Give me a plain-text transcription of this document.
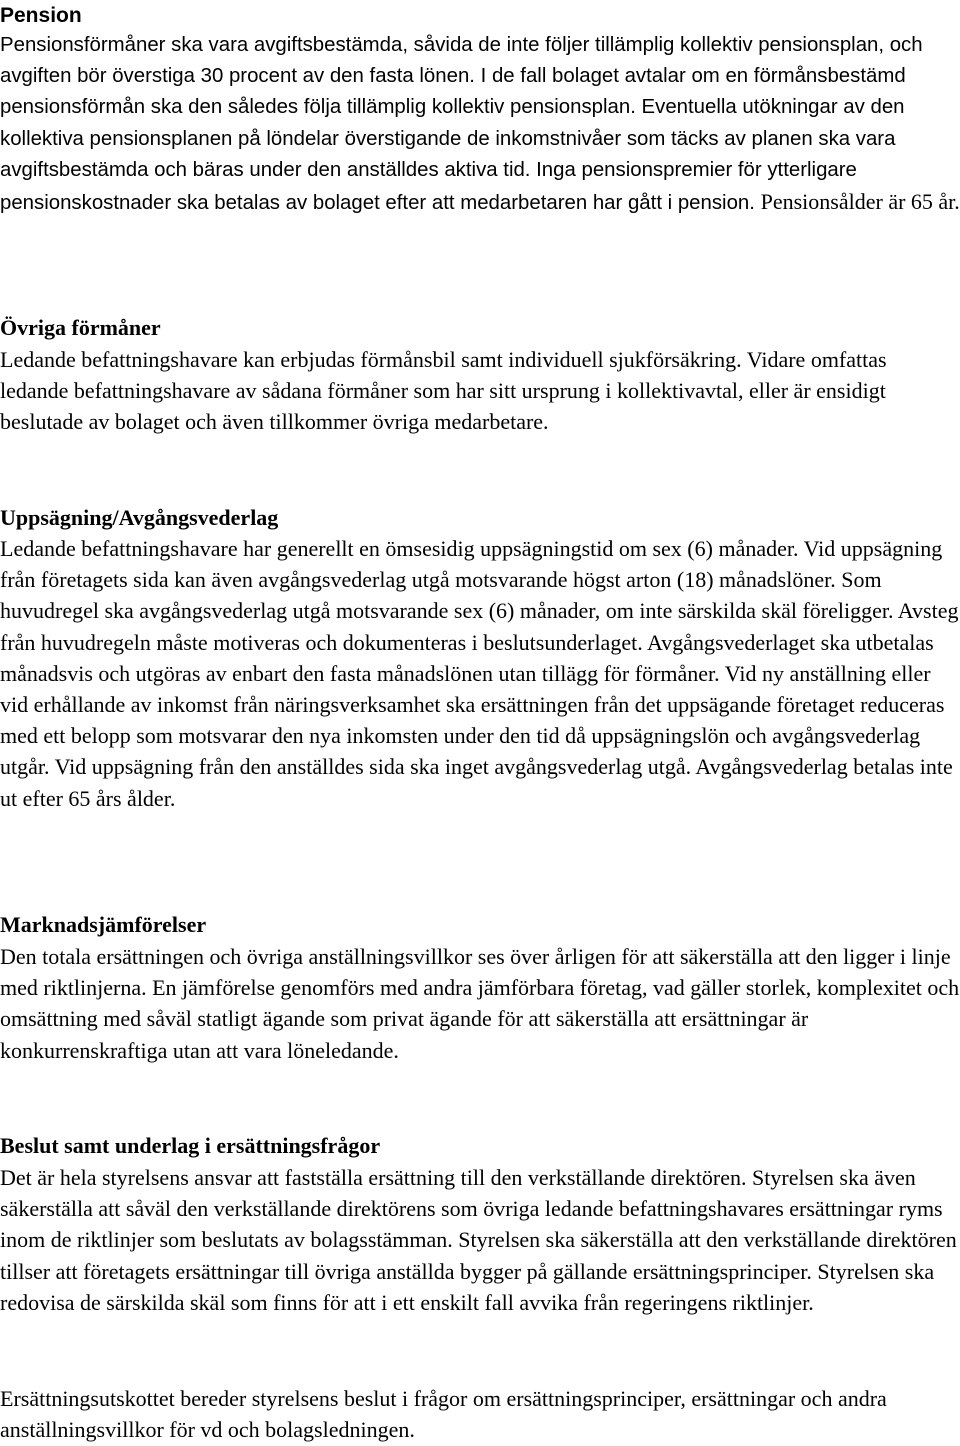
Pension

Pensionsförmåner ska vara avgiftsbestämda, såvida de inte följer tillämplig kollektiv pensionsplan, och avgiften bör överstiga 30 procent av den fasta lönen. I de fall bolaget avtalar om en förmånsbestämd pensionsförmån ska den således följa tillämplig kollektiv pensionsplan. Eventuella utökningar av den kollektiva pensionsplanen på löndelar överstigande de inkomstnivåer som täcks av planen ska vara avgiftsbestämda och bäras under den anställdes aktiva tid. Inga pensionspremier för ytterligare pensionskostnader ska betalas av bolaget efter att medarbetaren har gått i pension. Pensionsålder är 65 år.

Övriga förmåner

Ledande befattningshavare kan erbjudas förmånsbil samt individuell sjukförsäkring. Vidare omfattas ledande befattningshavare av sådana förmåner som har sitt ursprung i kollektivavtal, eller är ensidigt beslutade av bolaget och även tillkommer övriga medarbetare.

Uppsägning/Avgångsvederlag

Ledande befattningshavare har generellt en ömsesidig uppsägningstid om sex (6) månader. Vid uppsägning från företagets sida kan även avgångsvederlag utgå motsvarande högst arton (18) månadslöner. Som huvudregel ska avgångsvederlag utgå motsvarande sex (6) månader, om inte särskilda skäl föreligger. Avsteg från huvudregeln måste motiveras och dokumenteras i beslutsunderlaget. Avgångsvederlaget ska utbetalas månadsvis och utgöras av enbart den fasta månadslönen utan tillägg för förmåner. Vid ny anställning eller vid erhållande av inkomst från näringsverksamhet ska ersättningen från det uppsägande företaget reduceras med ett belopp som motsvarar den nya inkomsten under den tid då uppsägningslön och avgångsvederlag utgår. Vid uppsägning från den anställdes sida ska inget avgångsvederlag utgå. Avgångsvederlag betalas inte ut efter 65 års ålder.

Marknadsjämförelser

Den totala ersättningen och övriga anställningsvillkor ses över årligen för att säkerställa att den ligger i linje med riktlinjerna. En jämförelse genomförs med andra jämförbara företag, vad gäller storlek, komplexitet och omsättning med såväl statligt ägande som privat ägande för att säkerställa att ersättningar är konkurrenskraftiga utan att vara löneledande.

Beslut samt underlag i ersättningsfrågor

Det är hela styrelsens ansvar att fastställa ersättning till den verkställande direktören. Styrelsen ska även säkerställa att såväl den verkställande direktörens som övriga ledande befattningshavares ersättningar ryms inom de riktlinjer som beslutats av bolagsstämman. Styrelsen ska säkerställa att den verkställande direktören tillser att företagets ersättningar till övriga anställda bygger på gällande ersättningsprinciper. Styrelsen ska redovisa de särskilda skäl som finns för att i ett enskilt fall avvika från regeringens riktlinjer.

Ersättningsutskottet bereder styrelsens beslut i frågor om ersättningsprinciper, ersättningar och andra anställningsvillkor för vd och bolagsledningen.
